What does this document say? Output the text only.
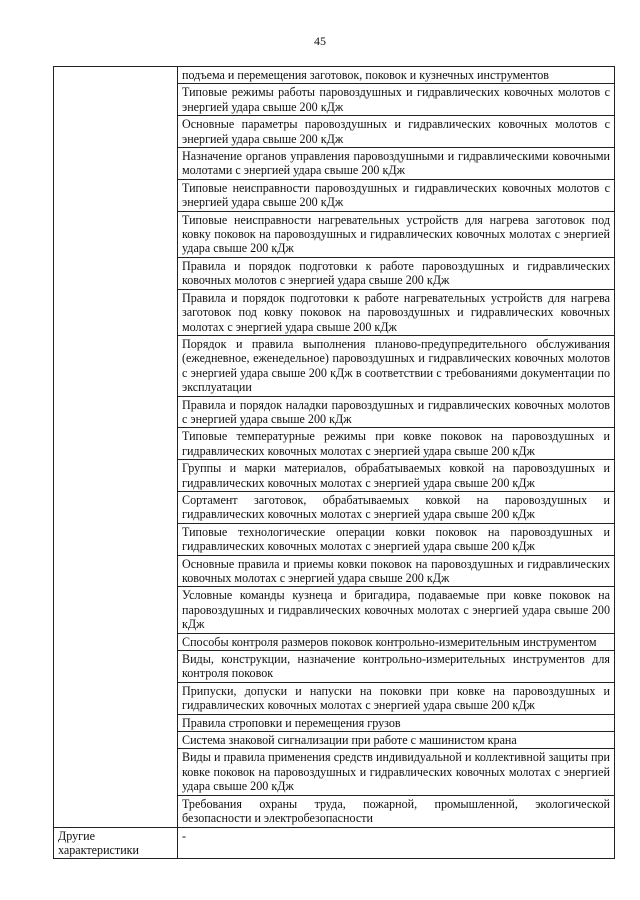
45
	подъема и перемещения заготовок, поковок и кузнечных инструментов
	Типовые режимы работы паровоздушных и гидравлических ковочных молотов с энергией удара свыше 200 кДж
	Основные параметры паровоздушных и гидравлических ковочных молотов с энергией удара свыше 200 кДж
	Назначение органов управления паровоздушными и гидравлическими ковочными молотами с энергией удара свыше 200 кДж
	Типовые неисправности паровоздушных и гидравлических ковочных молотов с энергией удара свыше 200 кДж
	Типовые неисправности нагревательных устройств для нагрева заготовок под ковку поковок на паровоздушных и гидравлических ковочных молотах с энергией удара свыше 200 кДж
	Правила и порядок подготовки к работе паровоздушных и гидравлических ковочных молотов с энергией удара свыше 200 кДж
	Правила и порядок подготовки к работе нагревательных устройств для нагрева заготовок под ковку поковок на паровоздушных и гидравлических ковочных молотах с энергией удара свыше 200 кДж
	Порядок и правила выполнения планово-предупредительного обслуживания (ежедневное, еженедельное) паровоздушных и гидравлических ковочных молотов с энергией удара свыше 200 кДж в соответствии с требованиями документации по эксплуатации
	Правила и порядок наладки паровоздушных и гидравлических ковочных молотов с энергией удара свыше 200 кДж
	Типовые температурные режимы при ковке поковок на паровоздушных и гидравлических ковочных молотах с энергией удара свыше 200 кДж
	Группы и марки материалов, обрабатываемых ковкой на паровоздушных и гидравлических ковочных молотах с энергией удара свыше 200 кДж
	Сортамент заготовок, обрабатываемых ковкой на паровоздушных и гидравлических ковочных молотах с энергией удара свыше 200 кДж
	Типовые технологические операции ковки поковок на паровоздушных и гидравлических ковочных молотах с энергией удара свыше 200 кДж
	Основные правила и приемы ковки поковок на паровоздушных и гидравлических ковочных молотах с энергией удара свыше 200 кДж
	Условные команды кузнеца и бригадира, подаваемые при ковке поковок на паровоздушных и гидравлических ковочных молотах с энергией удара свыше 200 кДж
	Способы контроля размеров поковок контрольно-измерительным инструментом
	Виды, конструкции, назначение контрольно-измерительных инструментов для контроля поковок
	Припуски, допуски и напуски на поковки при ковке на паровоздушных и гидравлических ковочных молотах с энергией удара свыше 200 кДж
	Правила строповки и перемещения грузов
	Система знаковой сигнализации при работе с машинистом крана
	Виды и правила применения средств индивидуальной и коллективной защиты при ковке поковок на паровоздушных и гидравлических ковочных молотах с энергией удара свыше 200 кДж
	Требования охраны труда, пожарной, промышленной, экологической безопасности и электробезопасности
Другие характеристики	-
